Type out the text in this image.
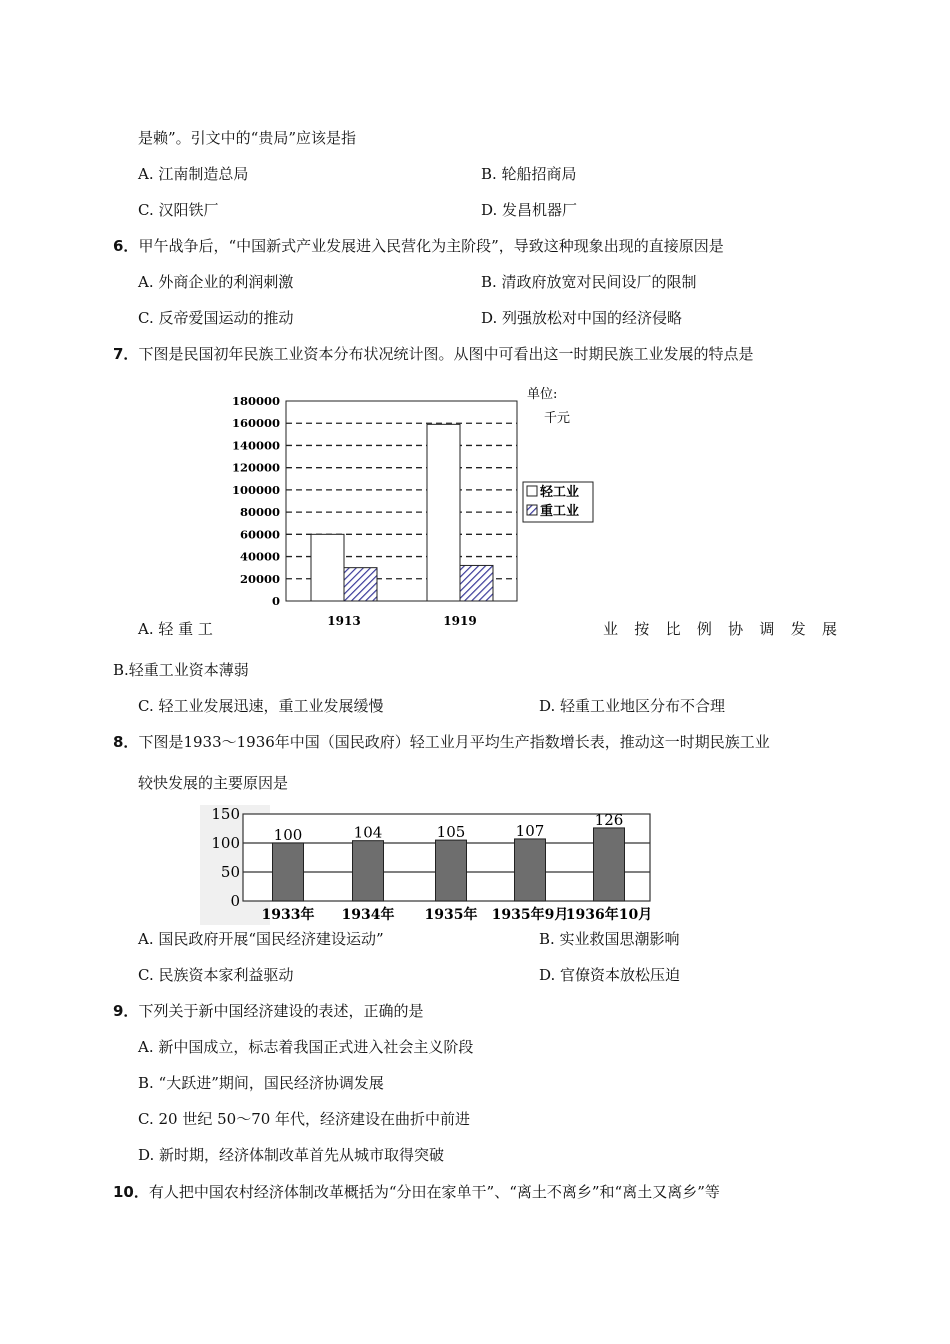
是赖”。引文中的“贵局”应该是指
A. 江南制造总局	B. 轮船招商局
C. 汉阳铁厂	D. 发昌机器厂
6．甲午战争后，“中国新式产业发展进入民营化为主阶段”，导致这种现象出现的直接原因是
A. 外商企业的利润刺激	B. 清政府放宽对民间设厂的限制
C. 反帝爱国运动的推动	D. 列强放松对中国的经济侵略
7．下图是民国初年民族工业资本分布状况统计图。从图中可看出这一时期民族工业发展的特点是
0
20000
40000
60000
80000
100000
120000
140000
160000
180000
1913	1919
单位:
千元
轻工业
重工业
A. 轻 重 工	业 按 比 例 协 调 发 展
B.轻重工业资本薄弱
C. 轻工业发展迅速，重工业发展缓慢	D. 轻重工业地区分布不合理
8．下图是1933～1936年中国（国民政府）轻工业月平均生产指数增长表，推动这一时期民族工业
较快发展的主要原因是
100	104	105	107
126
0
50
100
150
1933年 1934年 1935年 1935年9月
1936年10月
A. 国民政府开展“国民经济建设运动”	B. 实业救国思潮影响
C. 民族资本家利益驱动	D. 官僚资本放松压迫
9．下列关于新中国经济建设的表述，正确的是
A. 新中国成立，标志着我国正式进入社会主义阶段
B. “大跃进”期间，国民经济协调发展
C. 20 世纪 50～70 年代，经济建设在曲折中前进
D. 新时期，经济体制改革首先从城市取得突破
10．有人把中国农村经济体制改革概括为“分田在家单干”、“离土不离乡”和“离土又离乡”等
